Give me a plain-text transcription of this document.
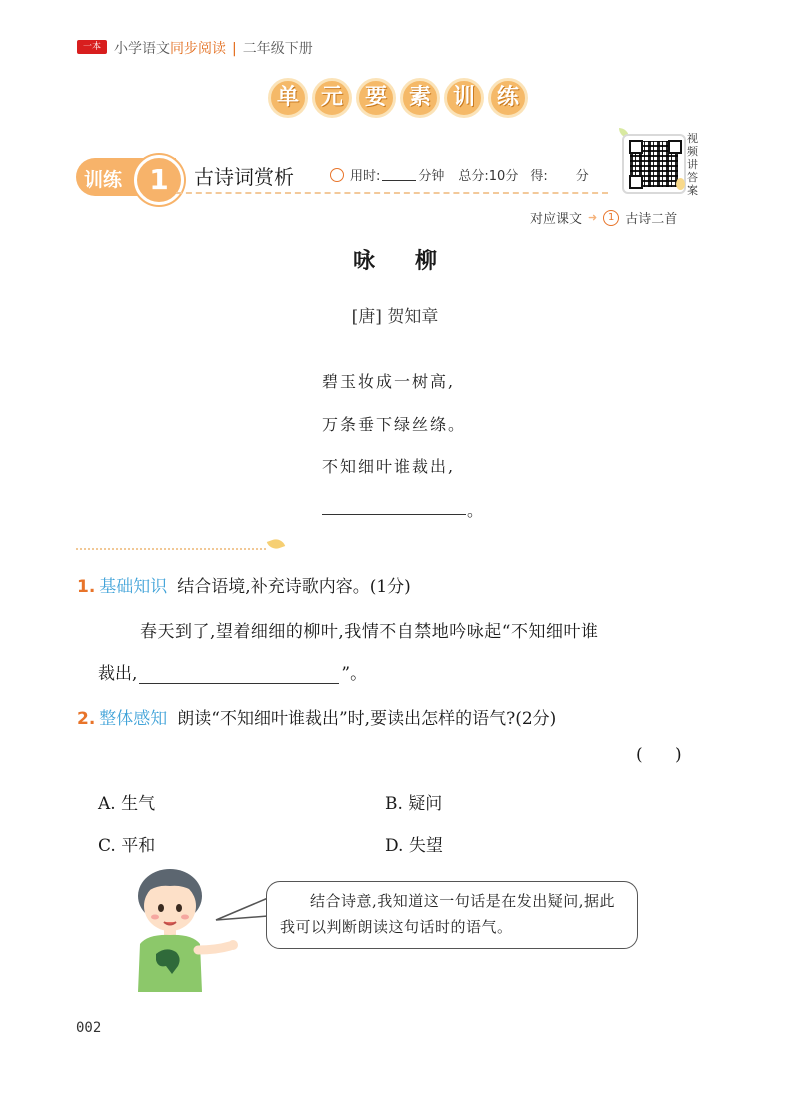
一本 小学语文同步阅读 | 二年级下册
单 元 要 素 训 练
训练 1	古诗词赏析	用时:	分钟 总分:10分 得: 分
视频讲答案
对应课文 ➜	1 古诗二首
咏柳
[唐] 贺知章
碧玉妆成一树高,
万条垂下绿丝绦。
不知细叶谁裁出,
。
1. 基础知识 结合语境,补充诗歌内容。(1分)
春天到了,望着细细的柳叶,我情不自禁地吟咏起“不知细叶谁
裁出,	”。
2. 整体感知 朗读“不知细叶谁裁出”时,要读出怎样的语气?(2分)
(      )
A. 生气	B. 疑问
C. 平和	D. 失望
结合诗意,我知道这一句话是在发出疑问,据此我可以判断朗读这句话时的语气。
002
